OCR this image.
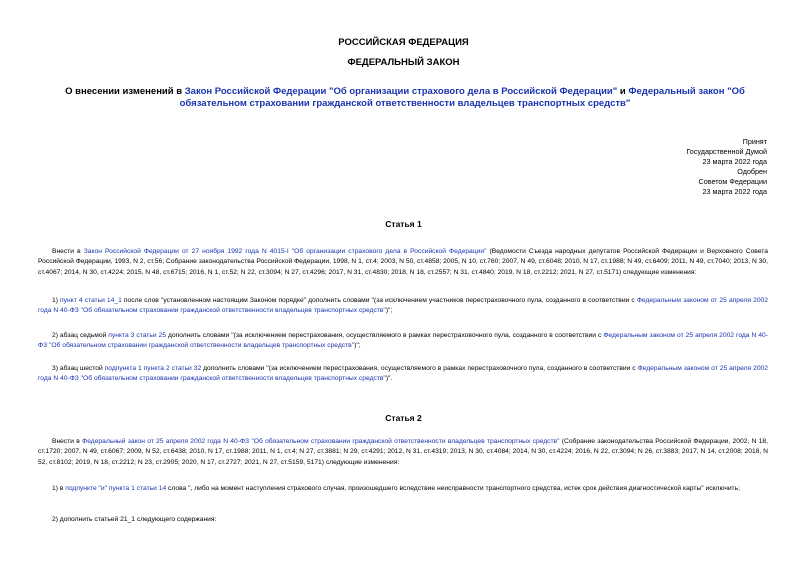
РОССИЙСКАЯ ФЕДЕРАЦИЯ
ФЕДЕРАЛЬНЫЙ ЗАКОН
О внесении изменений в Закон Российской Федерации "Об организации страхового дела в Российской Федерации" и Федеральный закон "Об обязательном страховании гражданской ответственности владельцев транспортных средств"
Принят
Государственной Думой
23 марта 2022 года
Одобрен
Советом Федерации
23 марта 2022 года
Статья 1
Внести в Закон Российской Федерации от 27 ноября 1992 года N 4015-I "Об организации страхового дела в Российской Федерации" (Ведомости Съезда народных депутатов Российской Федерации и Верховного Совета Российской Федерации, 1993, N 2, ст.56; Собрание законодательства Российской Федерации, 1998, N 1, ст.4; 2003, N 50, ст.4858; 2005, N 10, ст.760; 2007, N 49, ст.6048; 2010, N 17, ст.1988; N 49, ст.6409; 2011, N 49, ст.7040; 2013, N 30, ст.4067; 2014, N 30, ст.4224; 2015, N 48, ст.6715; 2016, N 1, ст.52; N 22, ст.3094; N 27, ст.4296; 2017, N 31, ст.4830; 2018, N 18, ст.2557; N 31, ст.4840; 2019, N 18, ст.2212; 2021, N 27, ст.5171) следующие изменения:
1) пункт 4 статьи 14_1 после слов "установленном настоящим Законом порядке" дополнить словами "(за исключением участников перестраховочного пула, созданного в соответствии с Федеральным законом от 25 апреля 2002 года N 40-ФЗ "Об обязательном страховании гражданской ответственности владельцев транспортных средств")";
2) абзац седьмой пункта 3 статьи 25 дополнить словами "(за исключением перестрахования, осуществляемого в рамках перестраховочного пула, созданного в соответствии с Федеральным законом от 25 апреля 2002 года N 40-ФЗ "Об обязательном страховании гражданской ответственности владельцев транспортных средств")";
3) абзац шестой подпункта 1 пункта 2 статьи 32 дополнить словами "(за исключением перестрахования, осуществляемого в рамках перестраховочного пула, созданного в соответствии с Федеральным законом от 25 апреля 2002 года N 40-ФЗ "Об обязательном страховании гражданской ответственности владельцев транспортных средств")".
Статья 2
Внести в Федеральный закон от 25 апреля 2002 года N 40-ФЗ "Об обязательном страховании гражданской ответственности владельцев транспортных средств" (Собрание законодательства Российской Федерации, 2002, N 18, ст.1720; 2007, N 49, ст.6067; 2009, N 52, ст.6438; 2010, N 17, ст.1988; 2011, N 1, ст.4; N 27, ст.3881; N 29, ст.4291; 2012, N 31, ст.4319; 2013, N 30, ст.4084; 2014, N 30, ст.4224; 2016, N 22, ст.3094; N 26, ст.3883; 2017, N 14, ст.2008; 2018, N 52, ст.8102; 2019, N 18, ст.2212; N 23, ст.2905; 2020, N 17, ст.2727; 2021, N 27, ст.5159, 5171) следующие изменения:
1) в подпункте "и" пункта 1 статьи 14 слова ", либо на момент наступления страхового случая, произошедшего вследствие неисправности транспортного средства, истек срок действия диагностической карты" исключить;
2) дополнить статьей 21_1 следующего содержания:
